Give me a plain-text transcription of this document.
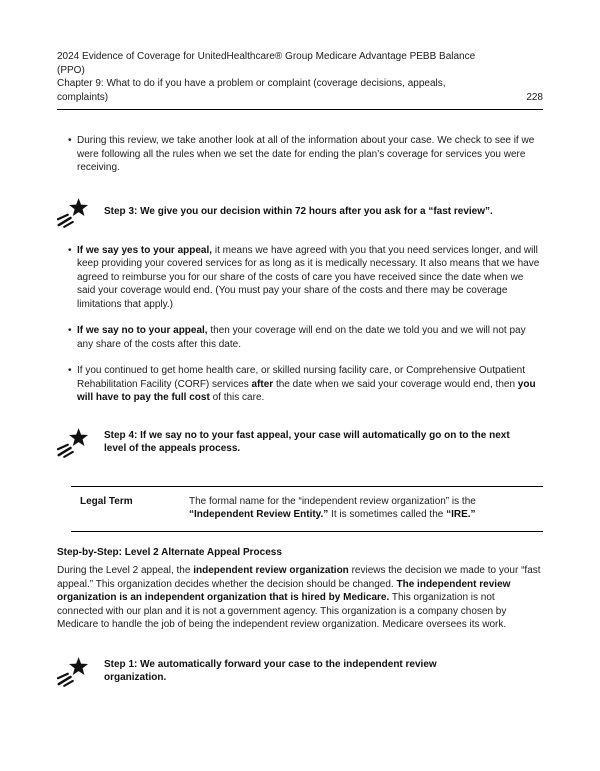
2024 Evidence of Coverage for UnitedHealthcare® Group Medicare Advantage PEBB Balance (PPO)

Chapter 9: What to do if you have a problem or complaint (coverage decisions, appeals, complaints)	228
• During this review, we take another look at all of the information about your case. We check to see if we were following all the rules when we set the date for ending the plan’s coverage for services you were receiving.
Step 3: We give you our decision within 72 hours after you ask for a “fast review”.
• If we say yes to your appeal, it means we have agreed with you that you need services longer, and will keep providing your covered services for as long as it is medically necessary. It also means that we have agreed to reimburse you for our share of the costs of care you have received since the date when we said your coverage would end. (You must pay your share of the costs and there may be coverage limitations that apply.)
• If we say no to your appeal, then your coverage will end on the date we told you and we will not pay any share of the costs after this date.
• If you continued to get home health care, or skilled nursing facility care, or Comprehensive Outpatient Rehabilitation Facility (CORF) services after the date when we said your coverage would end, then you will have to pay the full cost of this care.
Step 4: If we say no to your fast appeal, your case will automatically go on to the next level of the appeals process.
Legal Term	The formal name for the “independent review organization” is the “Independent Review Entity.” It is sometimes called the “IRE.”
Step-by-Step: Level 2 Alternate Appeal Process

During the Level 2 appeal, the independent review organization reviews the decision we made to your “fast appeal.” This organization decides whether the decision should be changed. The independent review organization is an independent organization that is hired by Medicare. This organization is not connected with our plan and it is not a government agency. This organization is a company chosen by Medicare to handle the job of being the independent review organization. Medicare oversees its work.

Step 1: We automatically forward your case to the independent review organization.
